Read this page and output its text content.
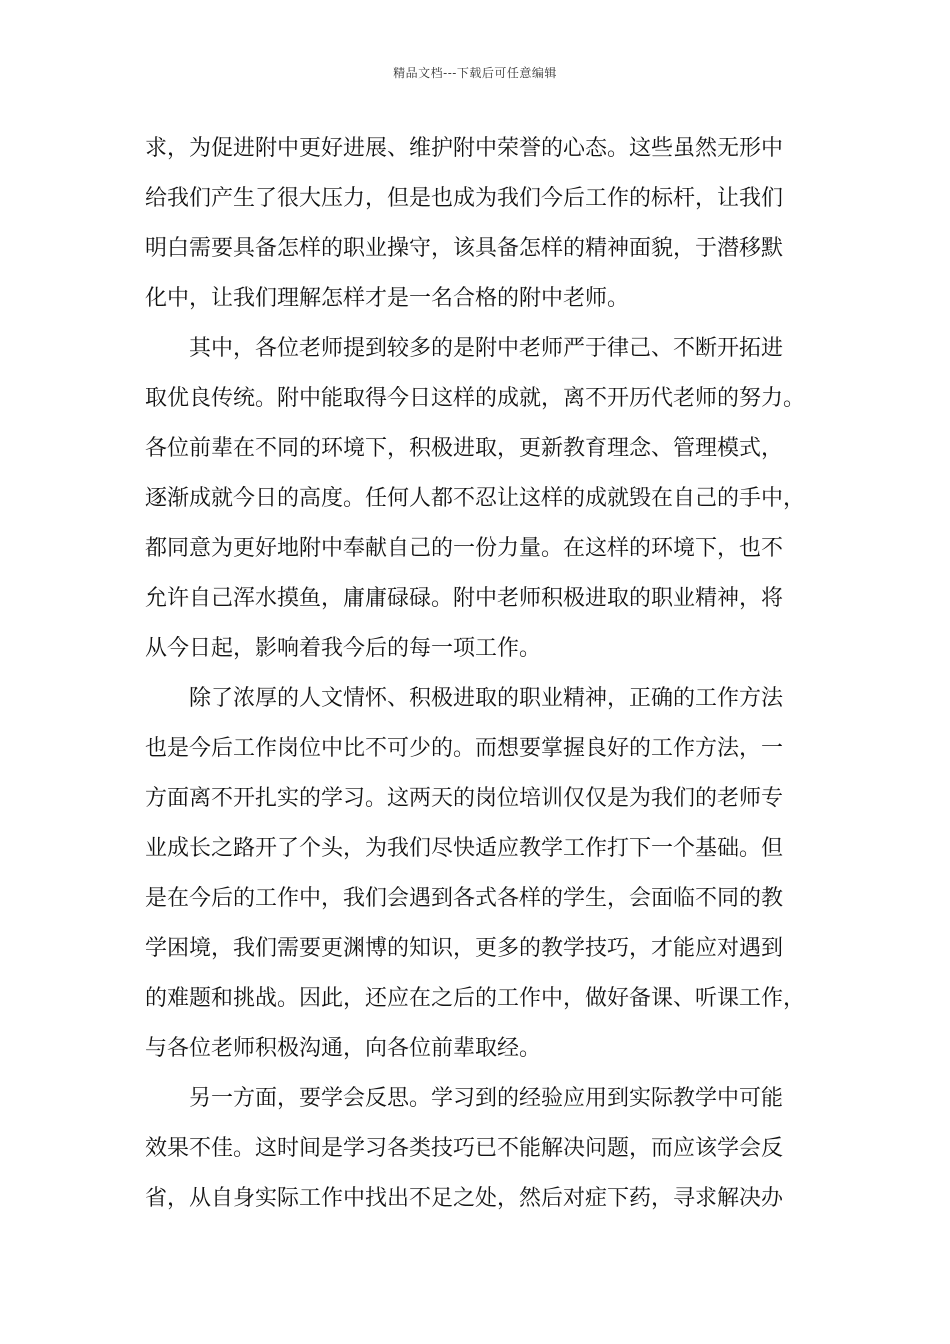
精品文档---下载后可任意编辑
求，为促进附中更好进展、维护附中荣誉的心态。这些虽然无形中
给我们产生了很大压力，但是也成为我们今后工作的标杆，让我们
明白需要具备怎样的职业操守，该具备怎样的精神面貌，于潜移默
化中，让我们理解怎样才是一名合格的附中老师。
　　其中，各位老师提到较多的是附中老师严于律己、不断开拓进
取优良传统。附中能取得今日这样的成就，离不开历代老师的努力。
各位前辈在不同的环境下，积极进取，更新教育理念、管理模式，
逐渐成就今日的高度。任何人都不忍让这样的成就毁在自己的手中，
都同意为更好地附中奉献自己的一份力量。在这样的环境下，也不
允许自己浑水摸鱼，庸庸碌碌。附中老师积极进取的职业精神，将
从今日起，影响着我今后的每一项工作。
　　除了浓厚的人文情怀、积极进取的职业精神，正确的工作方法
也是今后工作岗位中比不可少的。而想要掌握良好的工作方法，一
方面离不开扎实的学习。这两天的岗位培训仅仅是为我们的老师专
业成长之路开了个头，为我们尽快适应教学工作打下一个基础。但
是在今后的工作中，我们会遇到各式各样的学生，会面临不同的教
学困境，我们需要更渊博的知识，更多的教学技巧，才能应对遇到
的难题和挑战。因此，还应在之后的工作中，做好备课、听课工作，
与各位老师积极沟通，向各位前辈取经。
　　另一方面，要学会反思。学习到的经验应用到实际教学中可能
效果不佳。这时间是学习各类技巧已不能解决问题，而应该学会反
省，从自身实际工作中找出不足之处，然后对症下药，寻求解决办
